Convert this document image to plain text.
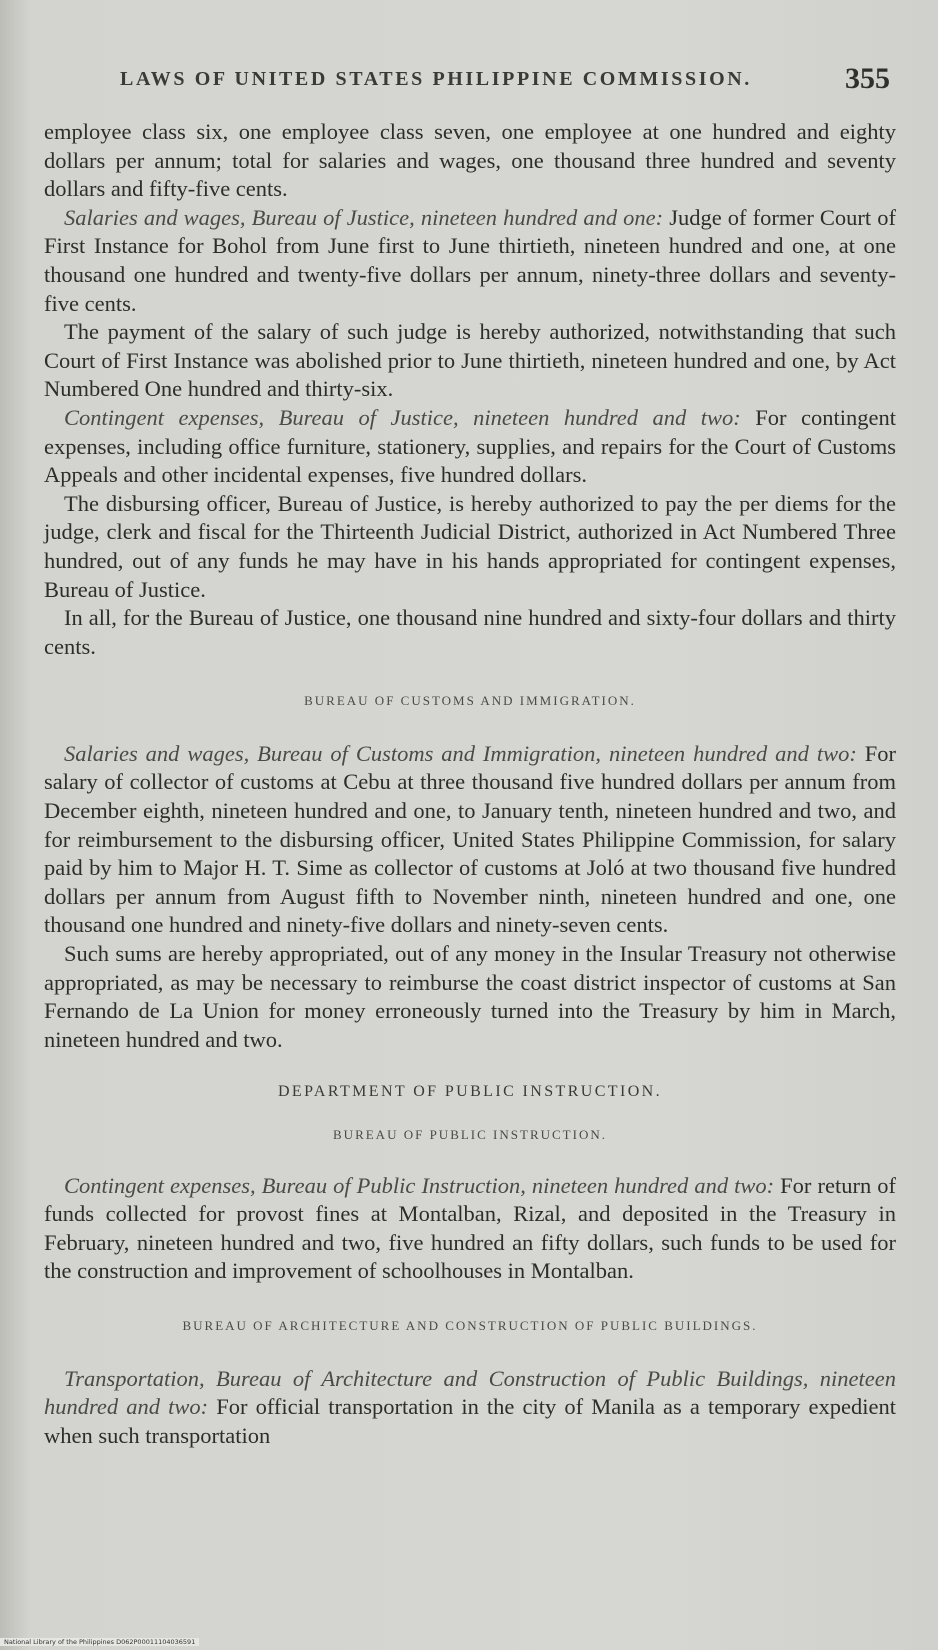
LAWS OF UNITED STATES PHILIPPINE COMMISSION.	355

employee class six, one employee class seven, one employee at one hundred and eighty dollars per annum; total for salaries and wages, one thousand three hundred and seventy dollars and fifty-five cents.

Salaries and wages, Bureau of Justice, nineteen hundred and one: Judge of former Court of First Instance for Bohol from June first to June thirtieth, nineteen hundred and one, at one thousand one hundred and twenty-five dollars per annum, ninety-three dollars and seventy-five cents.

The payment of the salary of such judge is hereby authorized, notwithstanding that such Court of First Instance was abolished prior to June thirtieth, nineteen hundred and one, by Act Numbered One hundred and thirty-six.

Contingent expenses, Bureau of Justice, nineteen hundred and two: For contingent expenses, including office furniture, stationery, supplies, and repairs for the Court of Customs Appeals and other incidental expenses, five hundred dollars.

The disbursing officer, Bureau of Justice, is hereby authorized to pay the per diems for the judge, clerk and fiscal for the Thirteenth Judicial District, authorized in Act Numbered Three hundred, out of any funds he may have in his hands appropriated for contingent expenses, Bureau of Justice.

In all, for the Bureau of Justice, one thousand nine hundred and sixty-four dollars and thirty cents.

BUREAU OF CUSTOMS AND IMMIGRATION.

Salaries and wages, Bureau of Customs and Immigration, nineteen hundred and two: For salary of collector of customs at Cebu at three thousand five hundred dollars per annum from December eighth, nineteen hundred and one, to January tenth, nineteen hundred and two, and for reimbursement to the disbursing officer, United States Philippine Commission, for salary paid by him to Major H. T. Sime as collector of customs at Joló at two thousand five hundred dollars per annum from August fifth to November ninth, nineteen hundred and one, one thousand one hundred and ninety-five dollars and ninety-seven cents.

Such sums are hereby appropriated, out of any money in the Insular Treasury not otherwise appropriated, as may be necessary to reimburse the coast district inspector of customs at San Fernando de La Union for money erroneously turned into the Treasury by him in March, nineteen hundred and two.

DEPARTMENT OF PUBLIC INSTRUCTION.
BUREAU OF PUBLIC INSTRUCTION.

Contingent expenses, Bureau of Public Instruction, nineteen hundred and two: For return of funds collected for provost fines at Montalban, Rizal, and deposited in the Treasury in February, nineteen hundred and two, five hundred an fifty dollars, such funds to be used for the construction and improvement of schoolhouses in Montalban.

BUREAU OF ARCHITECTURE AND CONSTRUCTION OF PUBLIC BUILDINGS.

Transportation, Bureau of Architecture and Construction of Public Buildings, nineteen hundred and two: For official transportation in the city of Manila as a temporary expedient when such transportation

National Library of the Philippines D062P00011104036591
